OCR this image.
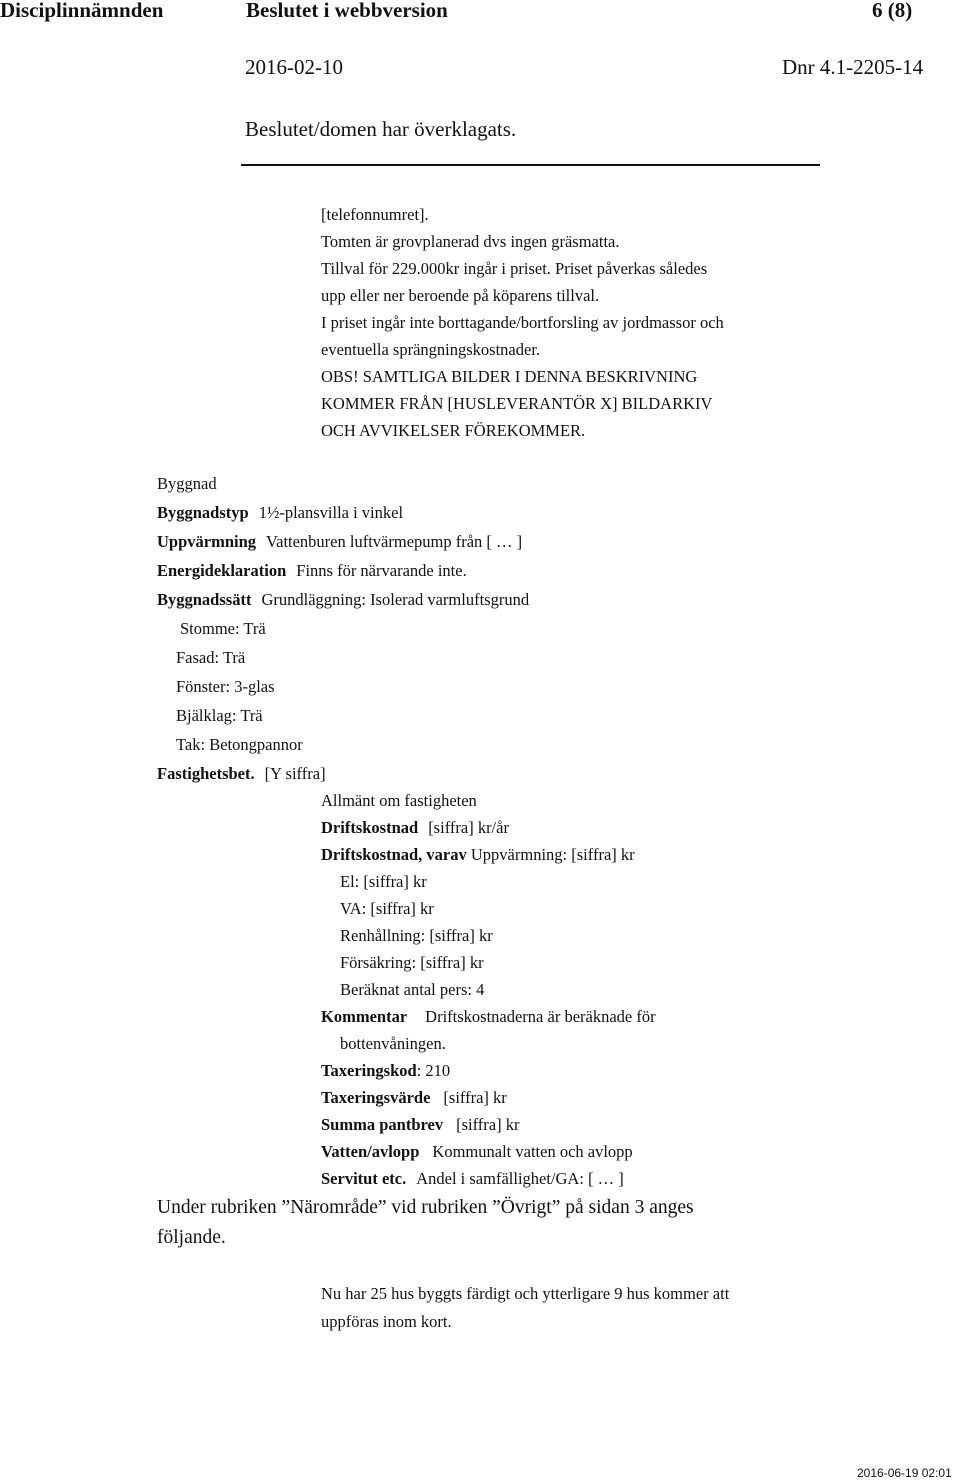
Disciplinnämnden	Beslutet i webbversion	6 (8)
2016-02-10	Dnr 4.1-2205-14
Beslutet/domen har överklagats.
[telefonnumret].
Tomten är grovplanerad dvs ingen gräsmatta.
Tillval för 229.000kr ingår i priset. Priset påverkas således
upp eller ner beroende på köparens tillval.
I priset ingår inte borttagande/bortforsling av jordmassor och
eventuella sprängningskostnader.
OBS! SAMTLIGA BILDER I DENNA BESKRIVNING
KOMMER FRÅN [HUSLEVERANTÖR X] BILDARKIV
OCH AVVIKELSER FÖREKOMMER.
Byggnad
Byggnadstyp 1½-plansvilla i vinkel
Uppvärmning Vattenburen luftvärmepump från [ … ]
Energideklaration Finns för närvarande inte.
Byggnadssätt Grundläggning: Isolerad varmluftsgrund
Stomme: Trä
Fasad: Trä
Fönster: 3-glas
Bjälklag: Trä
Tak: Betongpannor
Fastighetsbet. [Y siffra]
Allmänt om fastigheten
Driftskostnad [siffra] kr/år
Driftskostnad, varav Uppvärmning: [siffra] kr
El: [siffra] kr
VA: [siffra] kr
Renhållning: [siffra] kr
Försäkring: [siffra] kr
Beräknat antal pers: 4
Kommentar Driftskostnaderna är beräknade för
bottenvåningen.
Taxeringskod: 210
Taxeringsvärde [siffra] kr
Summa pantbrev [siffra] kr
Vatten/avlopp Kommunalt vatten och avlopp
Servitut etc. Andel i samfällighet/GA: [ … ]
Under rubriken ”Närområde” vid rubriken ”Övrigt” på sidan 3 anges
följande.
Nu har 25 hus byggts färdigt och ytterligare 9 hus kommer att
uppföras inom kort.
2016-06-19 02:01
